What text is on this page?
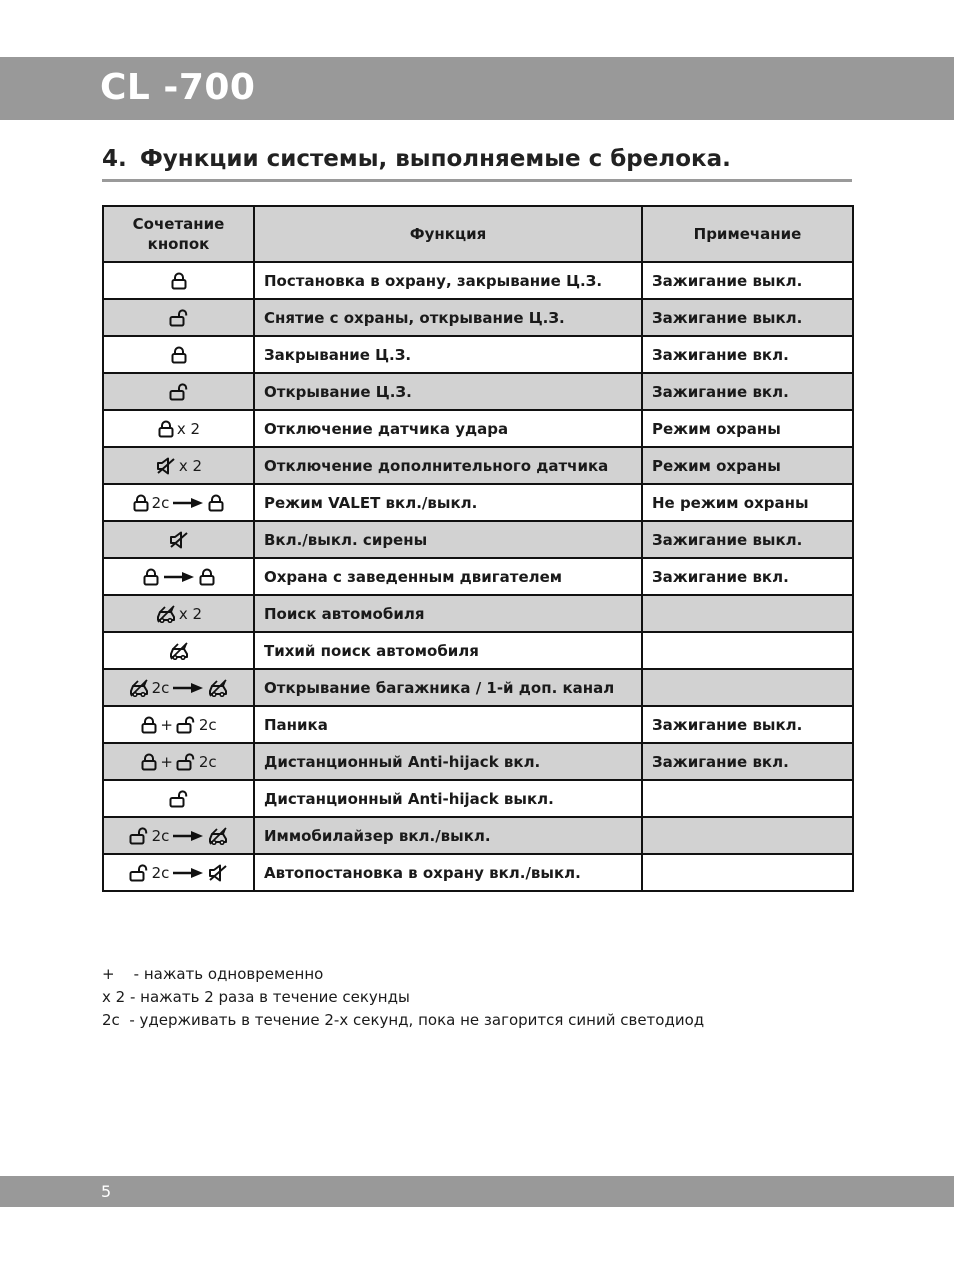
CL -700
4. Функции системы, выполняемые с брелока.
Сочетание кнопок	Функция	Примечание

	Постановка в охрану, закрывание Ц.З.	Зажигание выкл.

	Снятие с охраны, открывание Ц.З.	Зажигание выкл.

	Закрывание Ц.З.	Зажигание вкл.

	Открывание Ц.З.	Зажигание вкл.

x 2	Отключение датчика удара	Режим охраны

x 2	Отключение дополнительного датчика	Режим охраны

2с	Режим VALET вкл./выкл.	Не режим охраны

	Вкл./выкл. сирены	Зажигание выкл.

	Охрана с заведенным двигателем	Зажигание вкл.

x 2	Поиск автомобиля	

	Тихий поиск автомобиля	

2с	Открывание багажника / 1-й доп. канал	

+ 2с	Паника	Зажигание выкл.

+ 2с	Дистанционный Anti-hijack вкл.	Зажигание вкл.

	Дистанционный Anti-hijack выкл.	

2с	Иммобилайзер вкл./выкл.	

2с	Автопостановка в охрану вкл./выкл.	
+    - нажать одновременно
х 2 - нажать 2 раза в течение секунды
2с  - удерживать в течение 2-х секунд, пока не загорится синий светодиод
5
